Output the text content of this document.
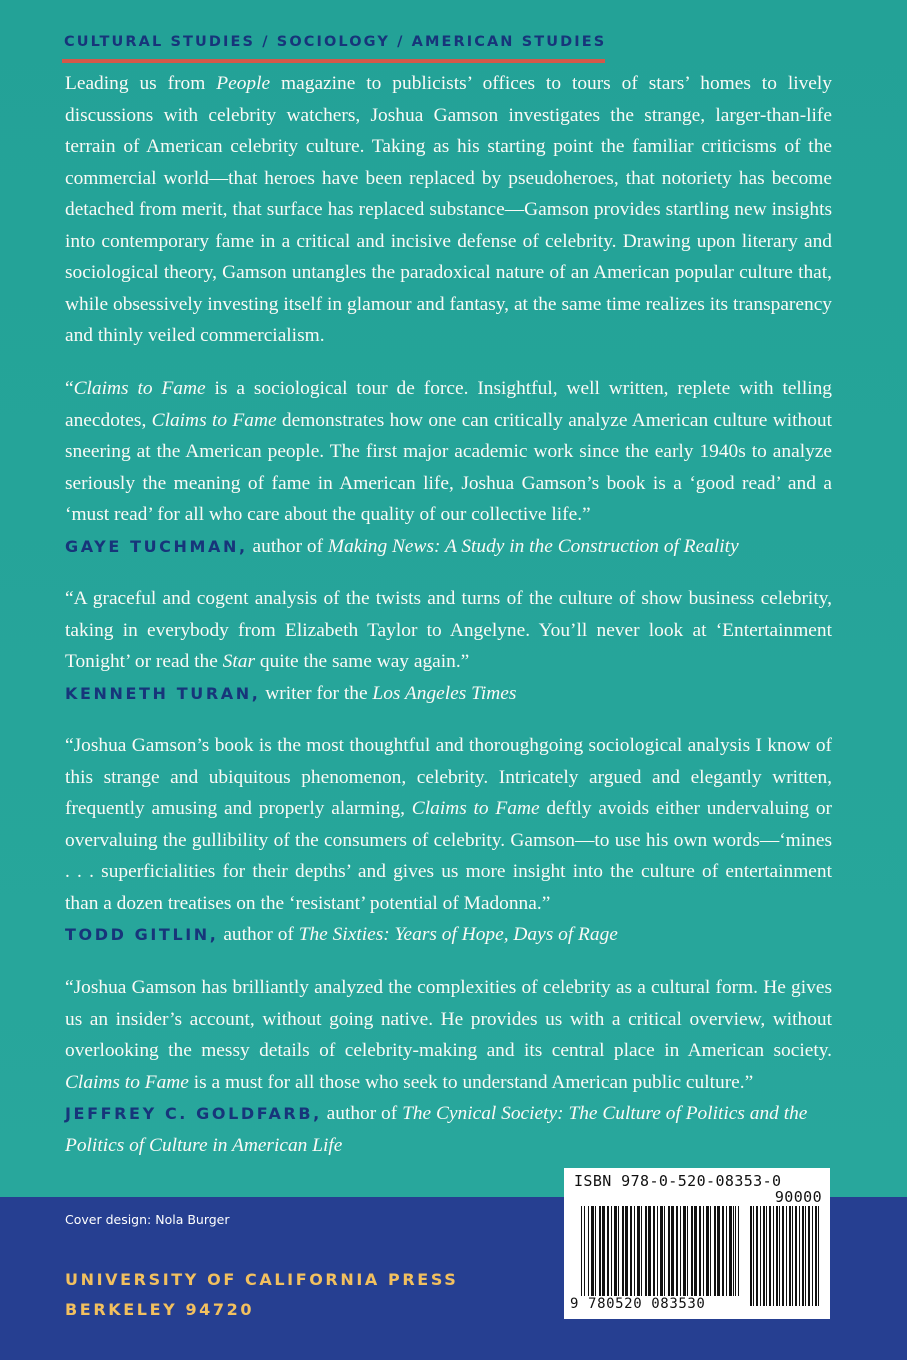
CULTURAL STUDIES / SOCIOLOGY / AMERICAN STUDIES

Leading us from People magazine to publicists’ offices to tours of stars’ homes to lively discussions with celebrity watchers, Joshua Gamson investigates the strange, larger-than-life terrain of American celebrity culture. Taking as his starting point the familiar criticisms of the commercial world—that heroes have been replaced by pseudoheroes, that notoriety has become detached from merit, that surface has replaced substance—Gamson provides startling new insights into contemporary fame in a critical and incisive defense of celebrity. Drawing upon literary and sociological theory, Gamson untangles the paradoxical nature of an American popular culture that, while obsessively investing itself in glamour and fantasy, at the same time realizes its transparency and thinly veiled commercialism.

“Claims to Fame is a sociological tour de force. Insightful, well written, replete with telling anecdotes, Claims to Fame demonstrates how one can critically analyze American culture without sneering at the American people. The first major academic work since the early 1940s to analyze seriously the meaning of fame in American life, Joshua Gamson’s book is a ‘good read’ and a ‘must read’ for all who care about the quality of our collective life.”

GAYE TUCHMAN, author of Making News: A Study in the Construction of Reality

“A graceful and cogent analysis of the twists and turns of the culture of show business celebrity, taking in everybody from Elizabeth Taylor to Angelyne. You’ll never look at ‘Entertainment Tonight’ or read the Star quite the same way again.”

KENNETH TURAN, writer for the Los Angeles Times

“Joshua Gamson’s book is the most thoughtful and thoroughgoing sociological analysis I know of this strange and ubiquitous phenomenon, celebrity. Intricately argued and elegantly written, frequently amusing and properly alarming, Claims to Fame deftly avoids either undervaluing or overvaluing the gullibility of the consumers of celebrity. Gamson—to use his own words—‘mines . . . superficialities for their depths’ and gives us more insight into the culture of entertainment than a dozen treatises on the ‘resistant’ potential of Madonna.”

TODD GITLIN, author of The Sixties: Years of Hope, Days of Rage

“Joshua Gamson has brilliantly analyzed the complexities of celebrity as a cultural form. He gives us an insider’s account, without going native. He provides us with a critical overview, without overlooking the messy details of celebrity-making and its central place in American society. Claims to Fame is a must for all those who seek to understand American public culture.”

JEFFREY C. GOLDFARB, author of The Cynical Society: The Culture of Politics and the Politics of Culture in American Life
Cover design: Nola Burger
UNIVERSITY OF CALIFORNIA PRESS
BERKELEY 94720
ISBN 978-0-520-08353-0
90000
9 780520 083530
